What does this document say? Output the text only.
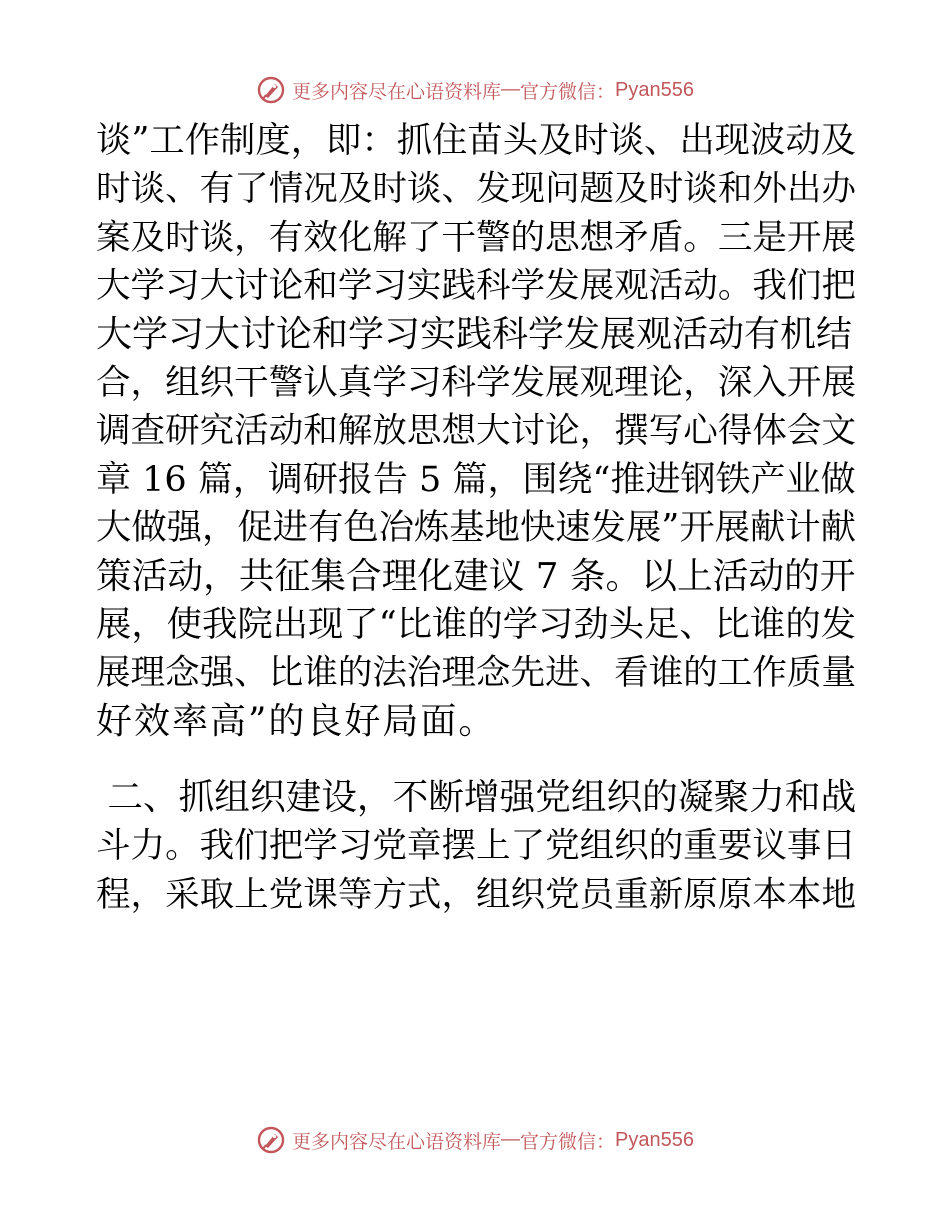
更多内容尽在心语资料库 — 官方微信： Pyan556
谈”工作制度，即：抓住苗头及时谈、出现波动及
时谈、有了情况及时谈、发现问题及时谈和外出办
案及时谈，有效化解了干警的思想矛盾。三是开展
大学习大讨论和学习实践科学发展观活动。我们把
大学习大讨论和学习实践科学发展观活动有机结
合，组织干警认真学习科学发展观理论，深入开展
调查研究活动和解放思想大讨论，撰写心得体会文
章 16 篇，调研报告 5 篇，围绕“推进钢铁产业做
大做强，促进有色冶炼基地快速发展”开展献计献
策活动，共征集合理化建议 7 条。以上活动的开
展，使我院出现了“比谁的学习劲头足、比谁的发
展理念强、比谁的法治理念先进、看谁的工作质量
好效率高”的良好局面。
二、抓组织建设，不断增强党组织的凝聚力和战
斗力。我们把学习党章摆上了党组织的重要议事日
程，采取上党课等方式，组织党员重新原原本本地
更多内容尽在心语资料库 — 官方微信： Pyan556
